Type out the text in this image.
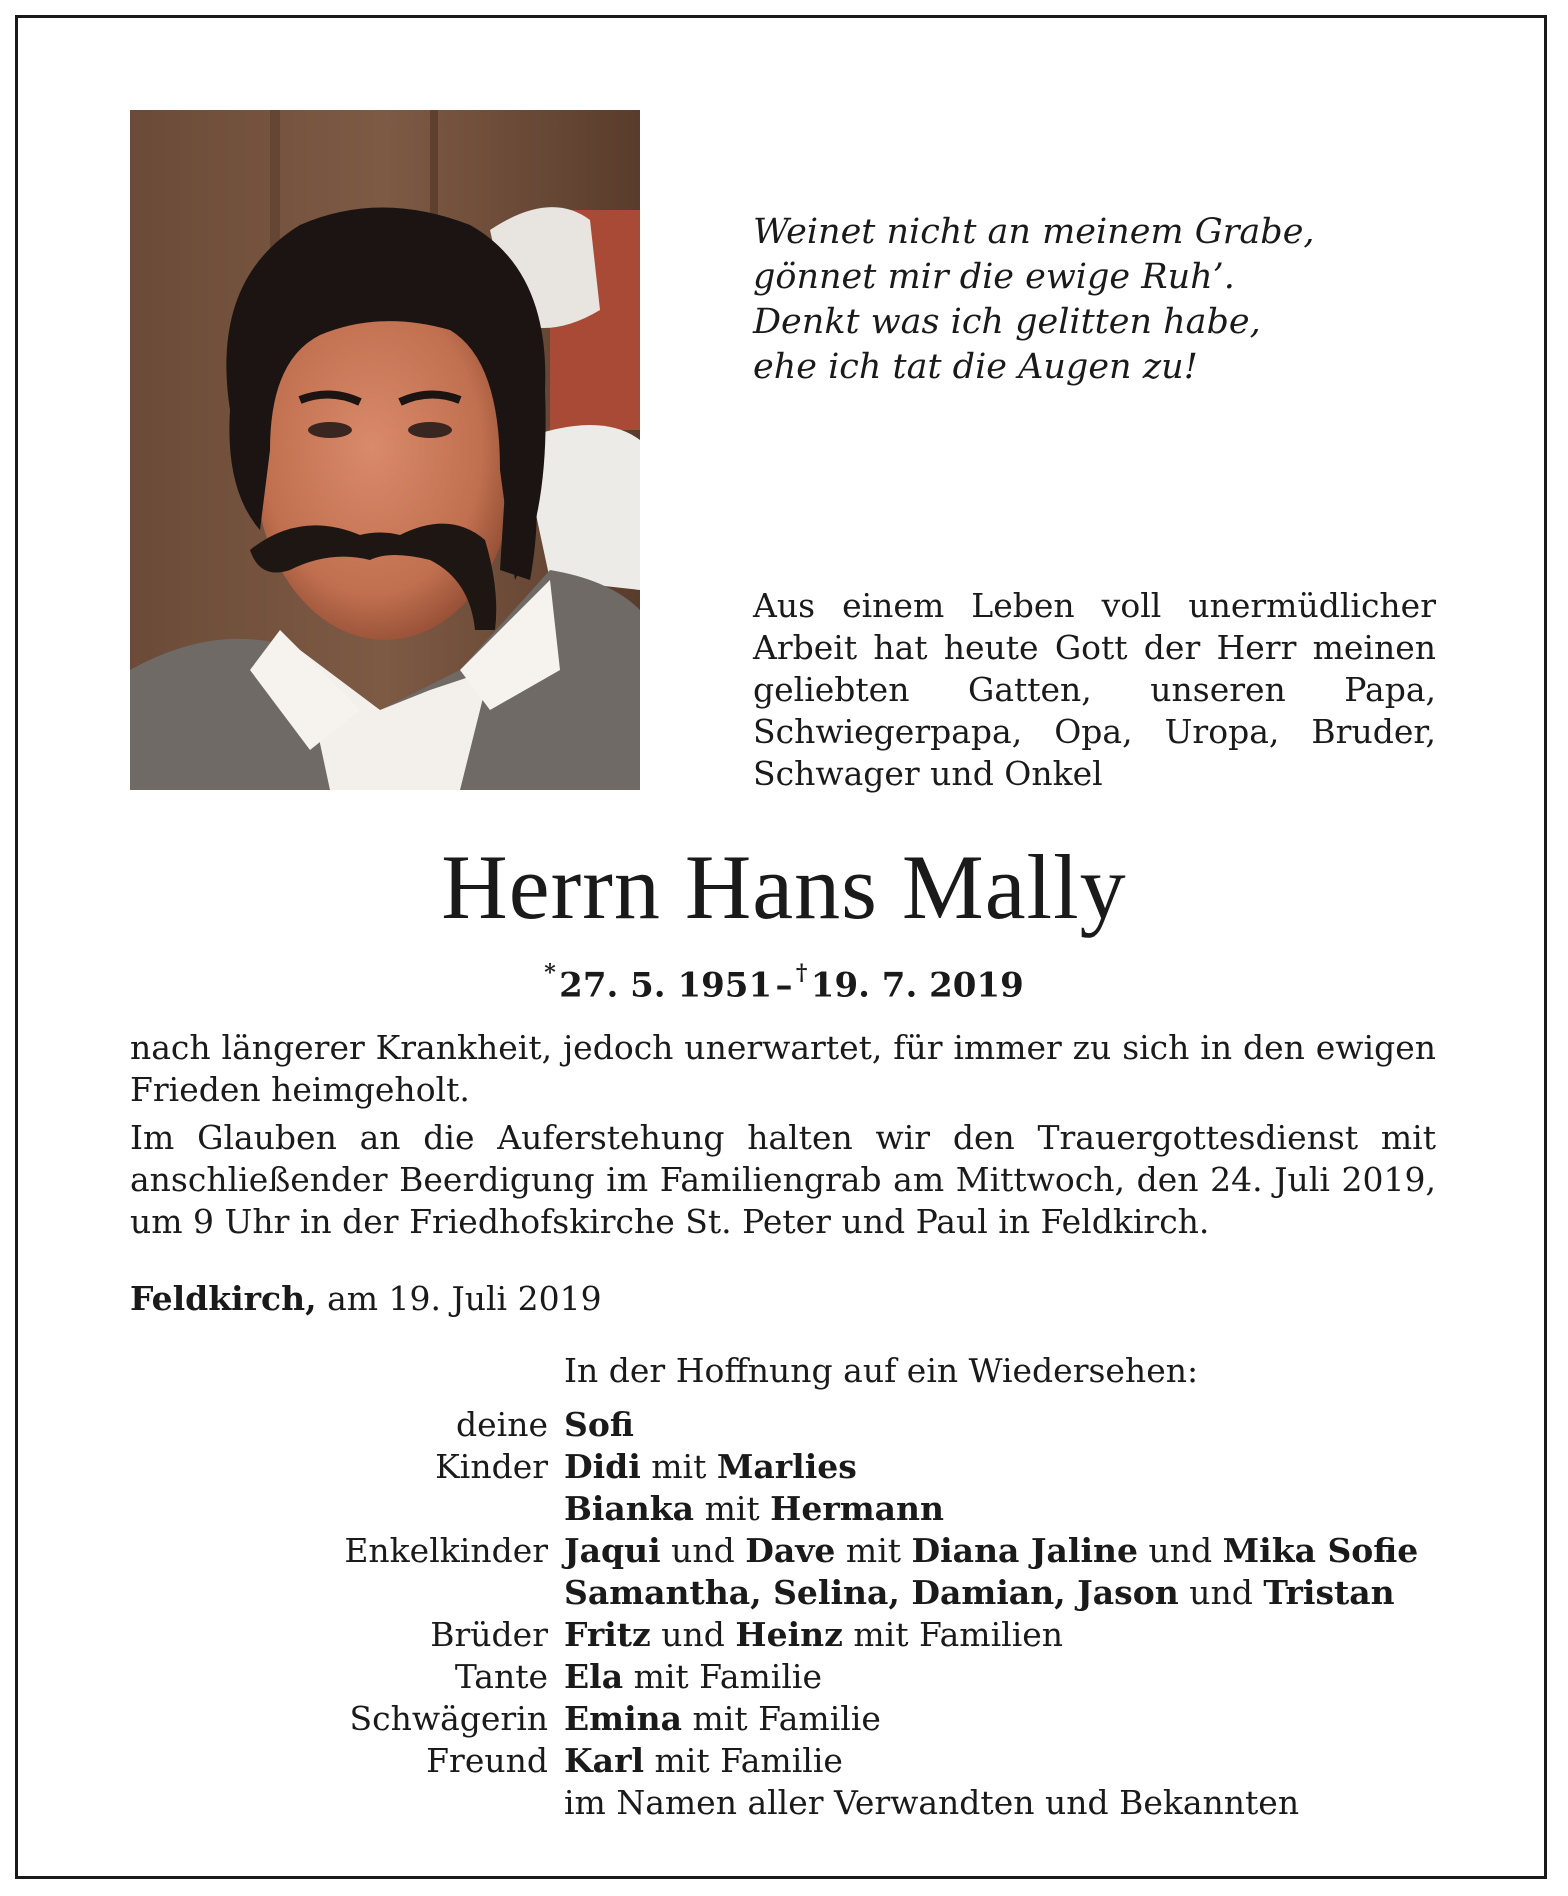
Weinet nicht an meinem Grabe,
gönnet mir die ewige Ruh’.
Denkt was ich gelitten habe,
ehe ich tat die Augen zu!
Aus einem Leben voll unermüdlicher
Arbeit hat heute Gott der Herr meinen
geliebten Gatten, unseren Papa,
Schwiegerpapa, Opa, Uropa, Bruder,
Schwager und Onkel
Herrn Hans Mally
* 27. 5. 1951 –  † 19. 7. 2019
nach längerer Krankheit, jedoch unerwartet, für immer zu sich in den ewigen
Frieden heimgeholt.
Im Glauben an die Auferstehung halten wir den Trauergottesdienst mit
anschließender Beerdigung im Familiengrab am Mittwoch, den 24. Juli 2019,
um 9 Uhr in der Friedhofskirche St. Peter und Paul in Feldkirch.
Feldkirch, am 19. Juli 2019
In der Hoffnung auf ein Wiedersehen:
deine Sofi
Kinder Didi mit Marlies
Bianka mit Hermann
Enkelkinder Jaqui und Dave mit Diana Jaline und Mika Sofie
Samantha, Selina, Damian, Jason und Tristan
Brüder Fritz und Heinz mit Familien
Tante Ela mit Familie
Schwägerin Emina mit Familie
Freund Karl mit Familie
im Namen aller Verwandten und Bekannten
